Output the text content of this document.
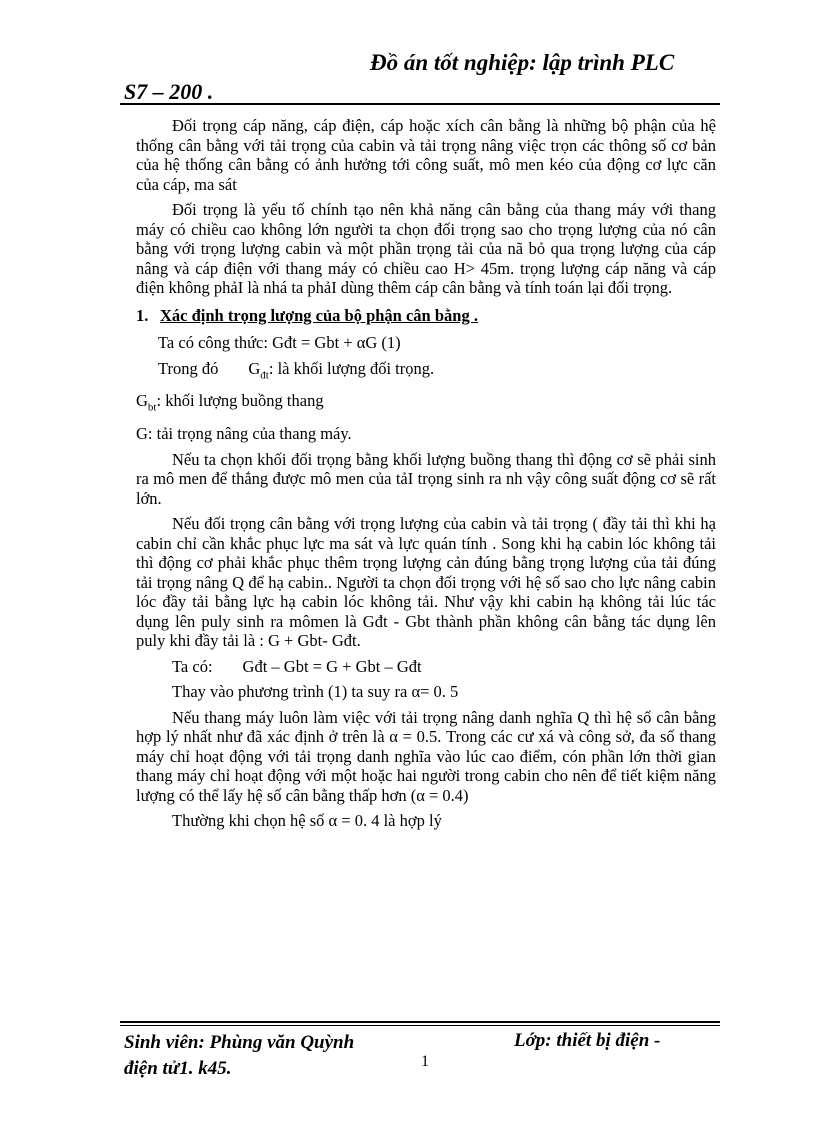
Đồ án tốt nghiệp: lập trình PLC
S7 – 200 .

Đối trọng cáp năng, cáp điện, cáp hoặc xích cân bằng là những bộ phận của hệ thống cân bằng với tải trọng của cabin và tải trọng nâng việc trọn các thông số cơ bản của hệ thống cân bằng có ảnh hưởng tới công suất, mô men kéo của động cơ lực căn của cáp, ma sát

Đối trọng là yếu tố chính tạo nên khả năng cân bằng của thang máy với thang máy có chiều cao không lớn người ta chọn đối trọng sao cho trọng lượng của nó cân bằng với trọng lượng cabin và một phần trọng tải của nã bỏ qua trọng lượng của cáp nâng và cáp điện với thang máy có chiều cao H> 45m. trọng lượng cáp năng và cáp điện không phảI là nhá ta phảI dùng thêm cáp cân bằng và tính toán lại đối trọng.

1. Xác định trọng lượng của bộ phận cân bằng .
Ta có công thức: Gđt = Gbt + αG (1)
Trong đó $G_{đt}$: là khối lượng đối trọng.
$G_{bt}$: khối lượng buồng thang
G: tải trọng nâng của thang máy.

Nếu ta chọn khối đối trọng bằng khối lượng buồng thang thì động cơ sẽ phải sinh ra mô men để thắng được mô men của tảI trọng sinh ra nh vậy công suất động cơ sẽ rất lớn.

Nếu đối trọng cân bằng với trọng lượng của cabin và tải trọng ( đầy tải thì khi hạ cabin chỉ cần khắc phục lực ma sát và lực quán tính . Song khi hạ cabin lóc không tải thì động cơ phải khắc phục thêm trọng lượng cản đúng bằng trọng lượng của tải đúng tải trọng nâng Q để hạ cabin.. Người ta chọn đối trọng với hệ số sao cho lực nâng cabin lóc đầy tải bằng lực hạ cabin lóc không tải. Như vậy khi cabin hạ không tải lúc tác dụng lên puly sinh ra mômen là Gđt - Gbt thành phần không cân bằng tác dụng lên puly khi đầy tải là : G + Gbt- Gđt.

Ta có: Gđt – Gbt = G + Gbt – Gđt
Thay vào phương trình (1) ta suy ra α= 0. 5

Nếu thang máy luôn làm việc với tải trọng nâng danh nghĩa Q thì hệ số cân bằng hợp lý nhất như đã xác định ở trên là α = 0.5. Trong các cư xá và công sở, đa số thang máy chỉ hoạt động với tải trọng danh nghĩa vào lúc cao điểm, cón phần lớn thời gian thang máy chỉ hoạt động với một hoặc hai người trong cabin cho nên để tiết kiệm năng lượng có thể lấy hệ số cân bằng thấp hơn (α = 0.4)

Thường khi chọn hệ số α = 0. 4 là hợp lý
Sinh viên: Phùng văn Quỳnh
điện tử1. k45.
Lớp: thiết bị điện -
1
